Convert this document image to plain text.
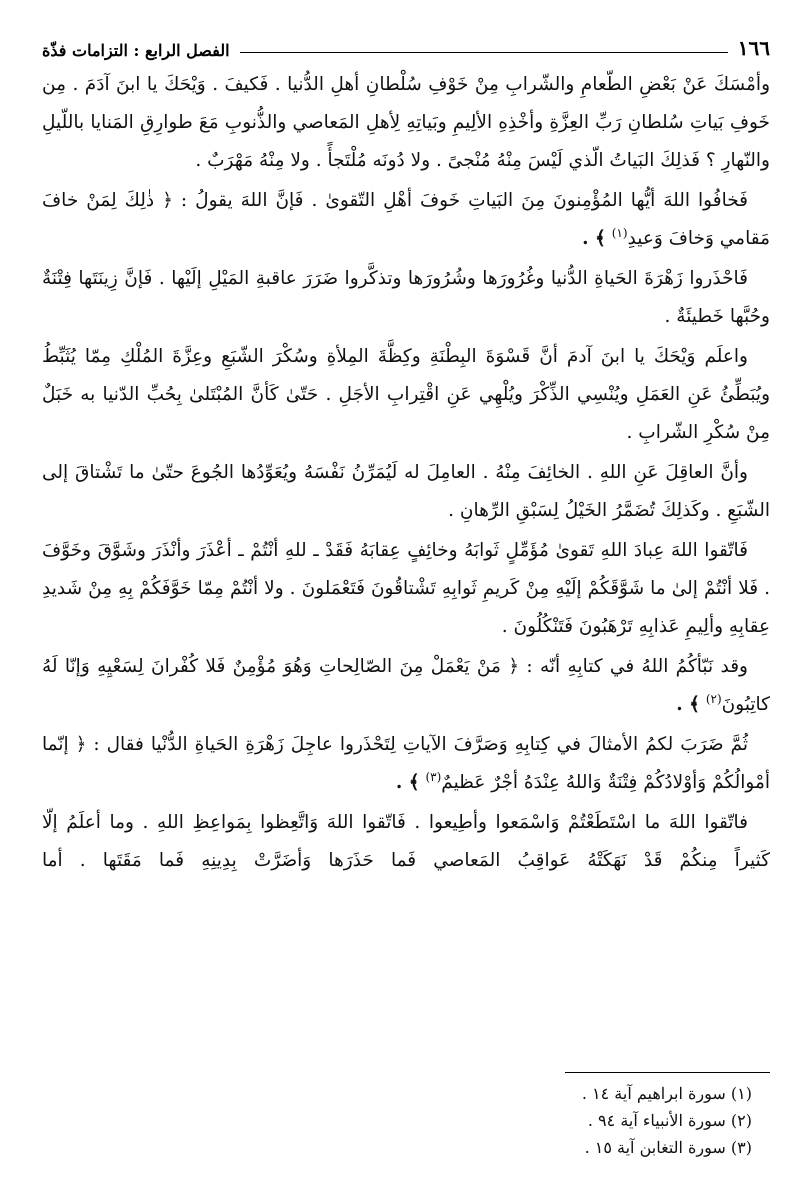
١٦٦
الفصل الرابع : التزامات فذّة

وأمْسَكَ عَنْ بَعْضِ الطّعامِ والشّرابِ مِنْ خَوْفِ سُلْطانِ أهلِ الدُّنيا . فَكيفَ . وَيْحَكَ يا ابنَ آدَمَ . مِن خَوفِ بَياتِ سُلطانِ رَبِّ العِزَّةِ وأخْذِهِ الألِيمِ وبَياتِهِ لِأهلِ المَعاصي والذُّنوبِ مَعَ طوارِقِ المَنايا باللّيلِ والنّهارِ ؟ فَذلِكَ البَياتُ الّذي لَيْسَ مِنْهُ مُنْجىً . ولا دُونَه مُلْتَجأً . ولا مِنْهُ مَهْرَبٌ .

فَخافُوا اللهَ أيُّها المُؤْمِنونَ مِنَ البَياتِ خَوفَ أهْلِ التّقوىٰ . فَإنَّ اللهَ يقولُ : ﴿ ذٰلِكَ لِمَنْ خافَ مَقامي وَخافَ وَعيدِ$^{(١)}$ ﴾ .

فَاحْذَروا زَهْرَةَ الحَياةِ الدُّنيا وغُرُورَها وشُرُورَها وتذكَّروا ضَرَرَ عاقبةِ المَيْلِ إلَيْها . فَإنَّ زِينَتَها فِتْنَةٌ وحُبَّها خَطيئَةٌ .

واعلَم وَيْحَكَ يا ابنَ آدمَ أنَّ قَسْوَةَ البِطْنَةِ وكِظَّةَ المِلأةِ وسُكْرَ الشّبَعِ وعِزَّةَ المُلْكِ مِمّا يُثَبِّطُ ويُبَطِّئُ عَنِ العَمَلِ ويُنْسِي الذِّكْرَ ويُلْهِي عَنِ اقْتِرابِ الأجَلِ . حَتّىٰ كَأنَّ المُبْتَلىٰ بِحُبِّ الدّنيا به خَبَلٌ مِنْ سُكْرِ الشّرابِ .

وأنَّ العاقِلَ عَنِ اللهِ . الخائِفَ مِنْهُ . العامِلَ له لَيُمَرِّنُ نَفْسَهُ ويُعَوِّدُها الجُوعَ حتّىٰ ما تَشْتاقَ إلى الشّبَعِ . وكَذلِكَ تُضَمَّرُ الخَيْلُ لِسَبْقِ الرِّهانِ .

فَاتّقوا اللهَ عِبادَ اللهِ تَقوىٰ مُؤَمِّلٍ ثَوابَهُ وخائِفٍ عِقابَهُ فَقَدْ ـ للهِ أنْتُمْ ـ أعْذَرَ وأنْذَرَ وشَوَّقَ وخَوَّفَ . فَلا أنْتُمْ إلىٰ ما شَوَّقَكُمْ إلَيْهِ مِنْ كَريمِ ثَوابِهِ تَشْتاقُونَ فَتَعْمَلونَ . ولا أنْتُمْ مِمّا خَوَّفَكُمْ بِهِ مِنْ شَديدِ عِقابِهِ وألِيمِ عَذابِهِ تَرْهَبُونَ فَتَنْكُلُونَ .

وقد نَبّأكُمُ اللهُ في كتابِهِ أنّه : ﴿ مَنْ يَعْمَلْ مِنَ الصّالِحاتِ وَهُوَ مُؤْمِنٌ فَلا كُفْرانَ لِسَعْيِهِ وَإنّا لَهُ كاتِبُونَ$^{(٢)}$ ﴾ .

ثُمَّ ضَرَبَ لكمُ الأمثالَ في كِتابِهِ وَصَرَّفَ الآياتِ لِتَحْذَروا عاجِلَ زَهْرَةِ الحَياةِ الدُّنْيا فقال : ﴿ إنّما أمْوالُكُمْ وَأوْلادُكُمْ فِتْنَةٌ وَاللهُ عِنْدَهُ أجْرٌ عَظيمٌ$^{(٣)}$ ﴾ .

فاتّقوا اللهَ ما اسْتَطَعْتُمْ وَاسْمَعوا وأطِيعوا . فَاتّقوا اللهَ وَاتَّعِظوا بِمَواعِظِ اللهِ . وما أعلَمُ إلّا كَثيراً مِنكُمْ قَدْ نَهَكَتْهُ عَواقِبُ المَعاصي فَما حَذَرَها وَأضَرَّتْ بِدِينِهِ فَما مَقَتَها . أما

(١) سورة ابراهيم آية ١٤ .
(٢) سورة الأنبياء آية ٩٤ .
(٣) سورة التغابن آية ١٥ .
